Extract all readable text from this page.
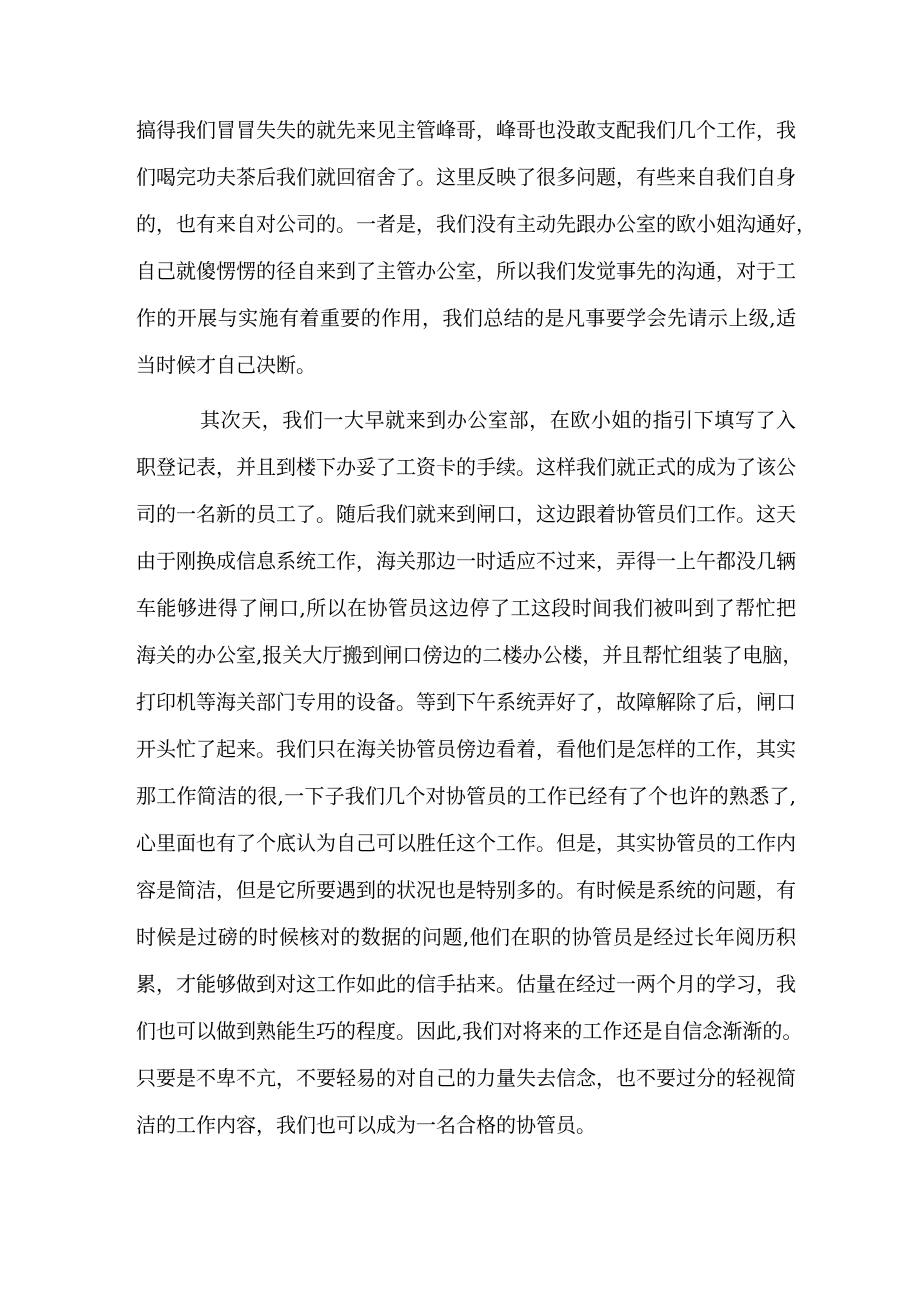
搞得我们冒冒失失的就先来见主管峰哥，峰哥也没敢支配我们几个工作，我
们喝完功夫茶后我们就回宿舍了。这里反映了很多问题，有些来自我们自身
的，也有来自对公司的。一者是，我们没有主动先跟办公室的欧小姐沟通好，
自己就傻愣愣的径自来到了主管办公室，所以我们发觉事先的沟通，对于工
作的开展与实施有着重要的作用，我们总结的是凡事要学会先请示上级,适
当时候才自己决断。
其次天，我们一大早就来到办公室部，在欧小姐的指引下填写了入
职登记表，并且到楼下办妥了工资卡的手续。这样我们就正式的成为了该公
司的一名新的员工了。随后我们就来到闸口，这边跟着协管员们工作。这天
由于刚换成信息系统工作，海关那边一时适应不过来，弄得一上午都没几辆
车能够进得了闸口,所以在协管员这边停了工这段时间我们被叫到了帮忙把
海关的办公室,报关大厅搬到闸口傍边的二楼办公楼，并且帮忙组装了电脑，
打印机等海关部门专用的设备。等到下午系统弄好了，故障解除了后，闸口
开头忙了起来。我们只在海关协管员傍边看着，看他们是怎样的工作，其实
那工作简洁的很,一下子我们几个对协管员的工作已经有了个也许的熟悉了,
心里面也有了个底认为自己可以胜任这个工作。但是，其实协管员的工作内
容是简洁，但是它所要遇到的状况也是特别多的。有时候是系统的问题，有
时候是过磅的时候核对的数据的问题,他们在职的协管员是经过长年阅历积
累，才能够做到对这工作如此的信手拈来。估量在经过一两个月的学习，我
们也可以做到熟能生巧的程度。因此,我们对将来的工作还是自信念渐渐的。
只要是不卑不亢，不要轻易的对自己的力量失去信念，也不要过分的轻视简
洁的工作内容，我们也可以成为一名合格的协管员。
